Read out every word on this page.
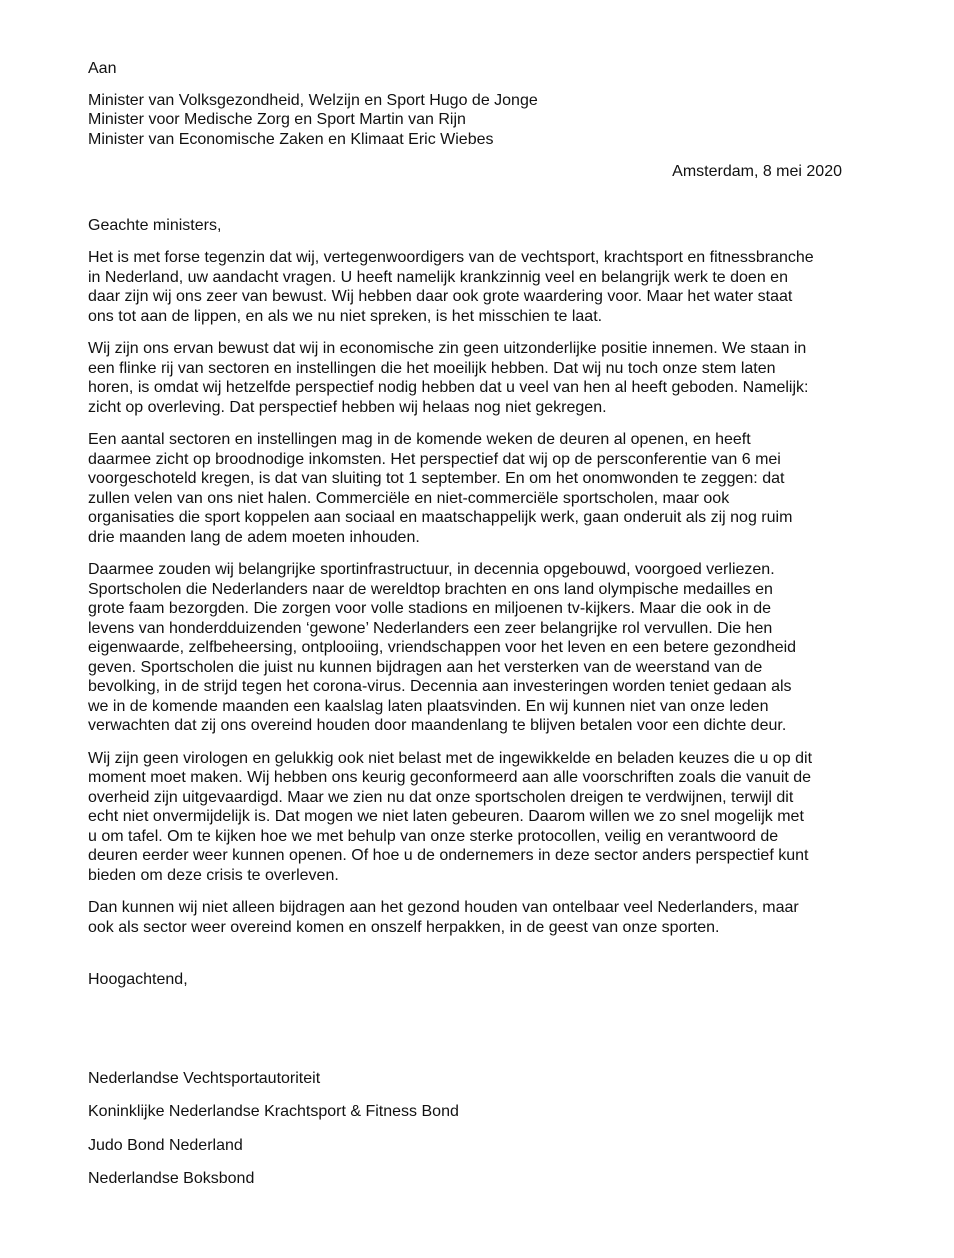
Aan
Minister van Volksgezondheid, Welzijn en Sport Hugo de Jonge
Minister voor Medische Zorg en Sport Martin van Rijn
Minister van Economische Zaken en Klimaat Eric Wiebes
Amsterdam, 8 mei 2020
Geachte ministers,
Het is met forse tegenzin dat wij, vertegenwoordigers van de vechtsport, krachtsport en fitnessbranche
in Nederland, uw aandacht vragen. U heeft namelijk krankzinnig veel en belangrijk werk te doen en
daar zijn wij ons zeer van bewust. Wij hebben daar ook grote waardering voor. Maar het water staat
ons tot aan de lippen, en als we nu niet spreken, is het misschien te laat.
Wij zijn ons ervan bewust dat wij in economische zin geen uitzonderlijke positie innemen. We staan in
een flinke rij van sectoren en instellingen die het moeilijk hebben. Dat wij nu toch onze stem laten
horen, is omdat wij hetzelfde perspectief nodig hebben dat u veel van hen al heeft geboden. Namelijk:
zicht op overleving. Dat perspectief hebben wij helaas nog niet gekregen.
Een aantal sectoren en instellingen mag in de komende weken de deuren al openen, en heeft
daarmee zicht op broodnodige inkomsten. Het perspectief dat wij op de persconferentie van 6 mei
voorgeschoteld kregen, is dat van sluiting tot 1 september. En om het onomwonden te zeggen: dat
zullen velen van ons niet halen. Commerciële en niet-commerciële sportscholen, maar ook
organisaties die sport koppelen aan sociaal en maatschappelijk werk, gaan onderuit als zij nog ruim
drie maanden lang de adem moeten inhouden.
Daarmee zouden wij belangrijke sportinfrastructuur, in decennia opgebouwd, voorgoed verliezen.
Sportscholen die Nederlanders naar de wereldtop brachten en ons land olympische medailles en
grote faam bezorgden. Die zorgen voor volle stadions en miljoenen tv-kijkers. Maar die ook in de
levens van honderdduizenden ‘gewone’ Nederlanders een zeer belangrijke rol vervullen. Die hen
eigenwaarde, zelfbeheersing, ontplooiing, vriendschappen voor het leven en een betere gezondheid
geven. Sportscholen die juist nu kunnen bijdragen aan het versterken van de weerstand van de
bevolking, in de strijd tegen het corona-virus. Decennia aan investeringen worden teniet gedaan als
we in de komende maanden een kaalslag laten plaatsvinden. En wij kunnen niet van onze leden
verwachten dat zij ons overeind houden door maandenlang te blijven betalen voor een dichte deur.
Wij zijn geen virologen en gelukkig ook niet belast met de ingewikkelde en beladen keuzes die u op dit
moment moet maken. Wij hebben ons keurig geconformeerd aan alle voorschriften zoals die vanuit de
overheid zijn uitgevaardigd. Maar we zien nu dat onze sportscholen dreigen te verdwijnen, terwijl dit
echt niet onvermijdelijk is. Dat mogen we niet laten gebeuren. Daarom willen we zo snel mogelijk met
u om tafel. Om te kijken hoe we met behulp van onze sterke protocollen, veilig en verantwoord de
deuren eerder weer kunnen openen. Of hoe u de ondernemers in deze sector anders perspectief kunt
bieden om deze crisis te overleven.
Dan kunnen wij niet alleen bijdragen aan het gezond houden van ontelbaar veel Nederlanders, maar
ook als sector weer overeind komen en onszelf herpakken, in de geest van onze sporten.
Hoogachtend,
Nederlandse Vechtsportautoriteit
Koninklijke Nederlandse Krachtsport & Fitness Bond
Judo Bond Nederland
Nederlandse Boksbond
